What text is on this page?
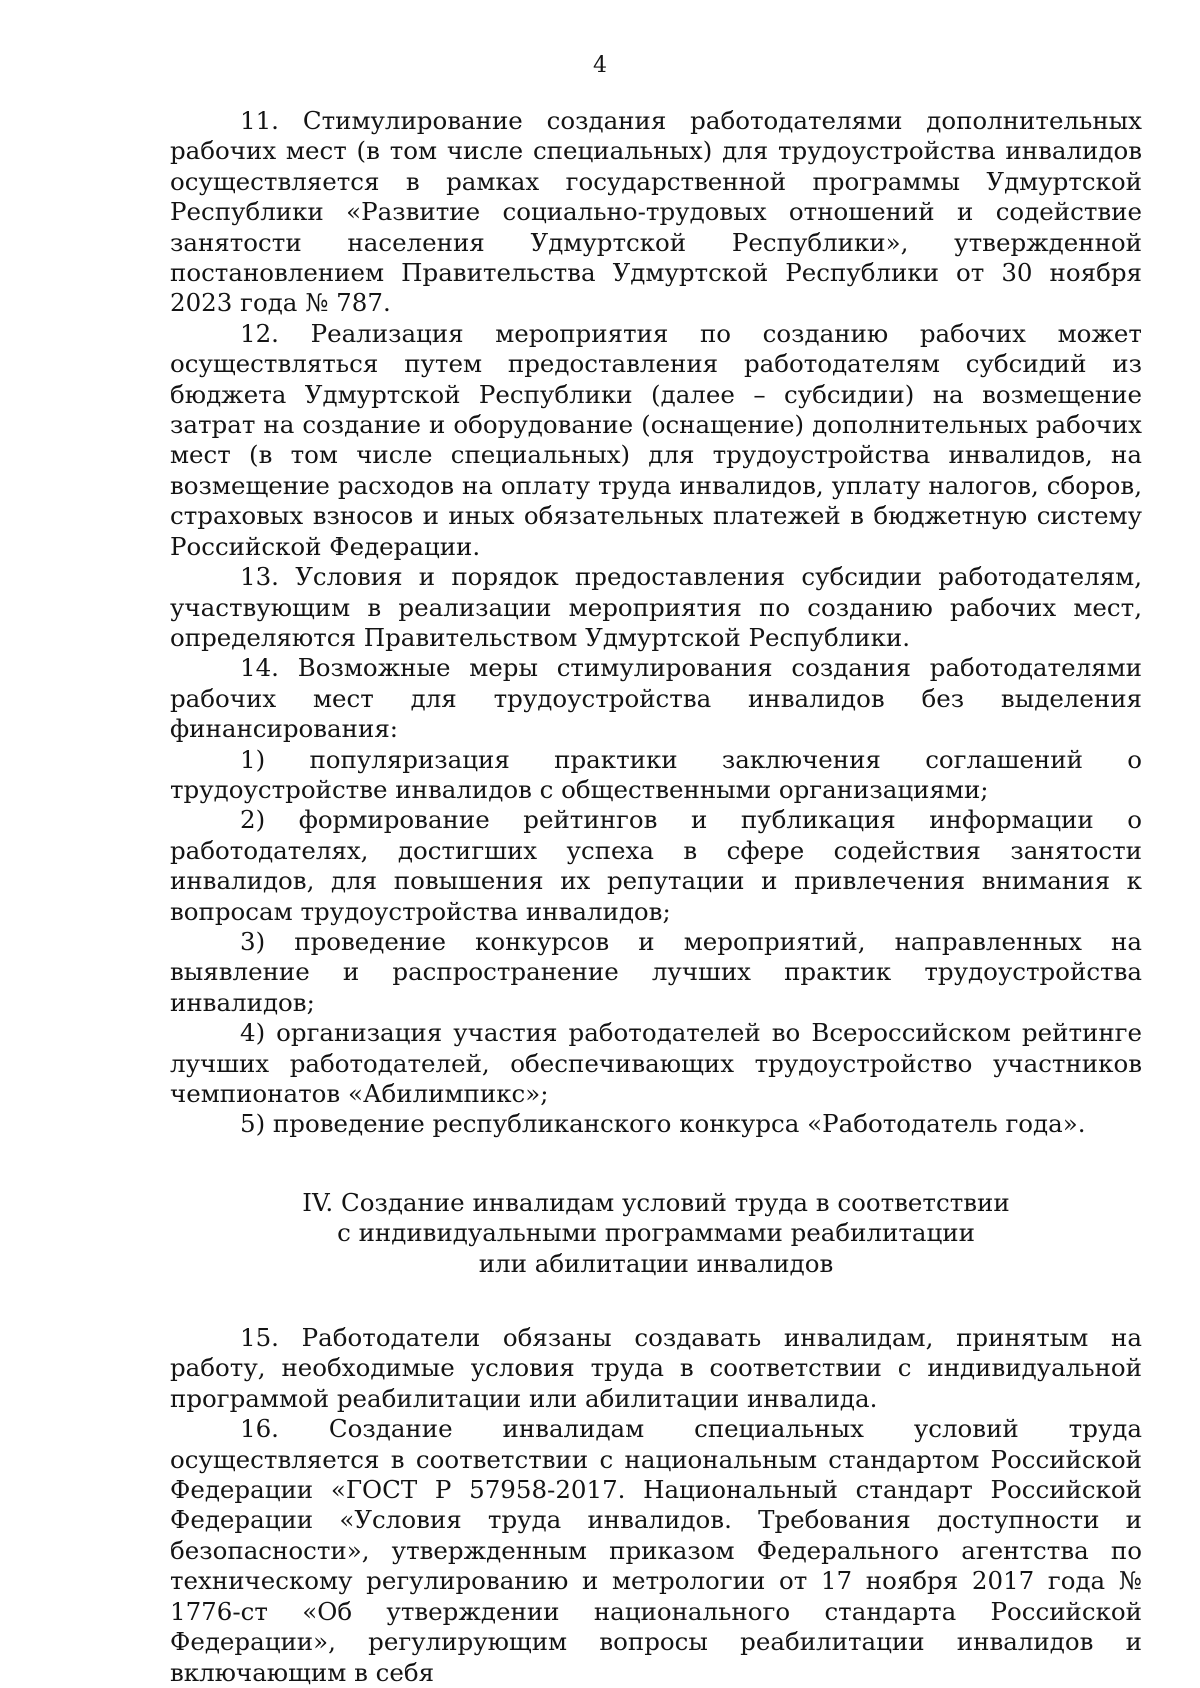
4

11. Стимулирование создания работодателями дополнительных рабочих мест (в том числе специальных) для трудоустройства инвалидов осуществляется в рамках государственной программы Удмуртской Республики «Развитие социально-трудовых отношений и содействие занятости населения Удмуртской Республики», утвержденной постановлением Правительства Удмуртской Республики от 30 ноября 2023 года № 787.

12. Реализация мероприятия по созданию рабочих может осуществляться путем предоставления работодателям субсидий из бюджета Удмуртской Республики (далее – субсидии) на возмещение затрат на создание и оборудование (оснащение) дополнительных рабочих мест (в том числе специальных) для трудоустройства инвалидов, на возмещение расходов на оплату труда инвалидов, уплату налогов, сборов, страховых взносов и иных обязательных платежей в бюджетную систему Российской Федерации.

13. Условия и порядок предоставления субсидии работодателям, участвующим в реализации мероприятия по созданию рабочих мест, определяются Правительством Удмуртской Республики.

14. Возможные меры стимулирования создания работодателями рабочих мест для трудоустройства инвалидов без выделения финансирования:

1) популяризация практики заключения соглашений о трудоустройстве инвалидов с общественными организациями;

2) формирование рейтингов и публикация информации о работодателях, достигших успеха в сфере содействия занятости инвалидов, для повышения их репутации и привлечения внимания к вопросам трудоустройства инвалидов;

3) проведение конкурсов и мероприятий, направленных на выявление и распространение лучших практик трудоустройства инвалидов;

4) организация участия работодателей во Всероссийском рейтинге лучших работодателей, обеспечивающих трудоустройство участников чемпионатов «Абилимпикс»;

5) проведение республиканского конкурса «Работодатель года».

IV. Создание инвалидам условий труда в соответствии
с индивидуальными программами реабилитации
или абилитации инвалидов

15. Работодатели обязаны создавать инвалидам, принятым на работу, необходимые условия труда в соответствии с индивидуальной программой реабилитации или абилитации инвалида.

16. Создание инвалидам специальных условий труда осуществляется в соответствии с национальным стандартом Российской Федерации «ГОСТ Р 57958-2017. Национальный стандарт Российской Федерации «Условия труда инвалидов. Требования доступности и безопасности», утвержденным приказом Федерального агентства по техническому регулированию и метрологии от 17 ноября 2017 года № 1776-ст «Об утверждении национального стандарта Российской Федерации», регулирующим вопросы реабилитации инвалидов и включающим в себя
